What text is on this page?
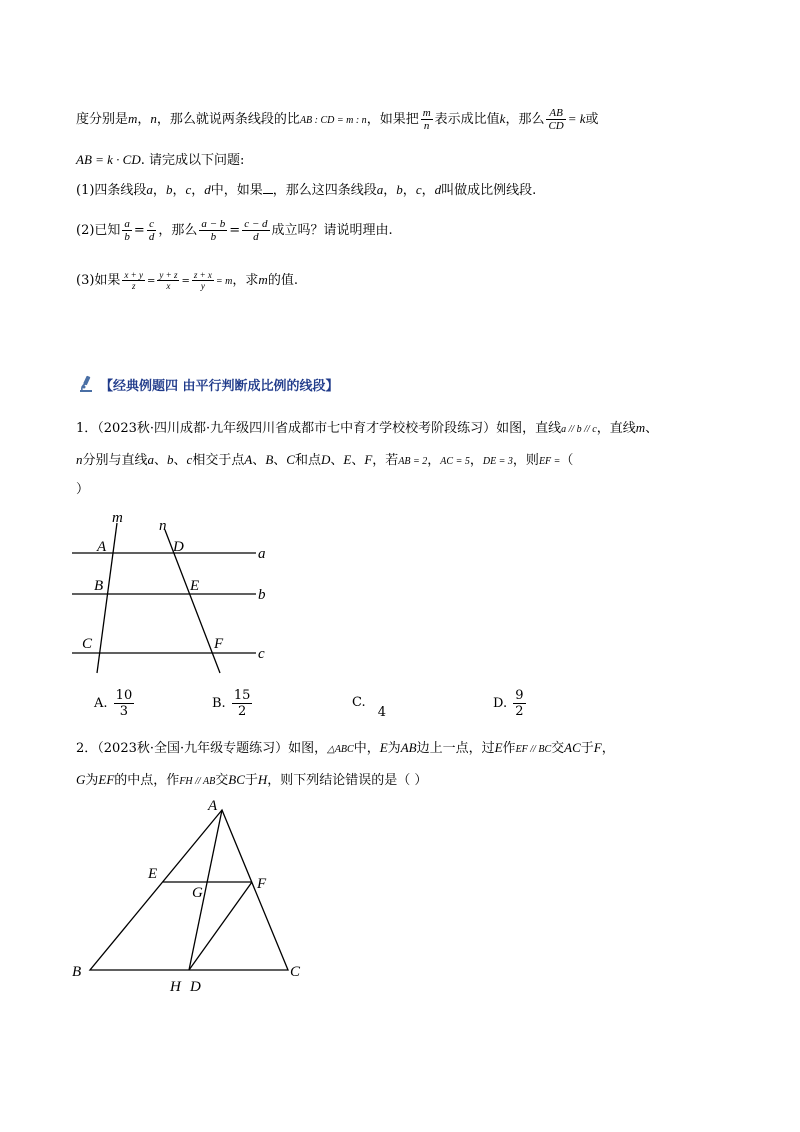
度分别是m，n，那么就说两条线段的比AB : CD = m : n，如果把 $\frac{m}{n}$ 表示成比值k，那么 $\frac{AB}{CD} = k$或
AB = k · CD. 请完成以下问题:
(1)四条线段a，b，c，d中，如果 ，那么这四条线段a，b，c，d叫做成比例线段.
(2)已知 $\frac{a}{b} = \frac{c}{d}$ ，那么 $\frac{a - b}{b} = \frac{c - d}{d}$ 成立吗？请说明理由.
(3)如果 $\frac{x + y}{z} = \frac{y + z}{x} = \frac{z + x}{y} = m$，求m的值.
【经典例题四 由平行判断成比例的线段】
1．（2023秋·四川成都·九年级四川省成都市七中育才学校校考阶段练习）如图，直线a // b // c，直线m、
n分别与直线a、b、c相交于点A、B、C和点D、E、F，若AB = 2，AC = 5，DE = 3，则EF =（
）
m n
A	D	a
B	E
b
C	F
c
A. $\frac{10}{3}$	B. $\frac{15}{2}$	C. 4
D. $\frac{9}{2}$
2．（2023秋·全国·九年级专题练习）如图，△ABC中，E为AB边上一点，过E作EF // BC交AC于F，
G为EF的中点，作FH // AB交BC于H，则下列结论错误的是（ ）
A
E
G
F
B
H D
C
